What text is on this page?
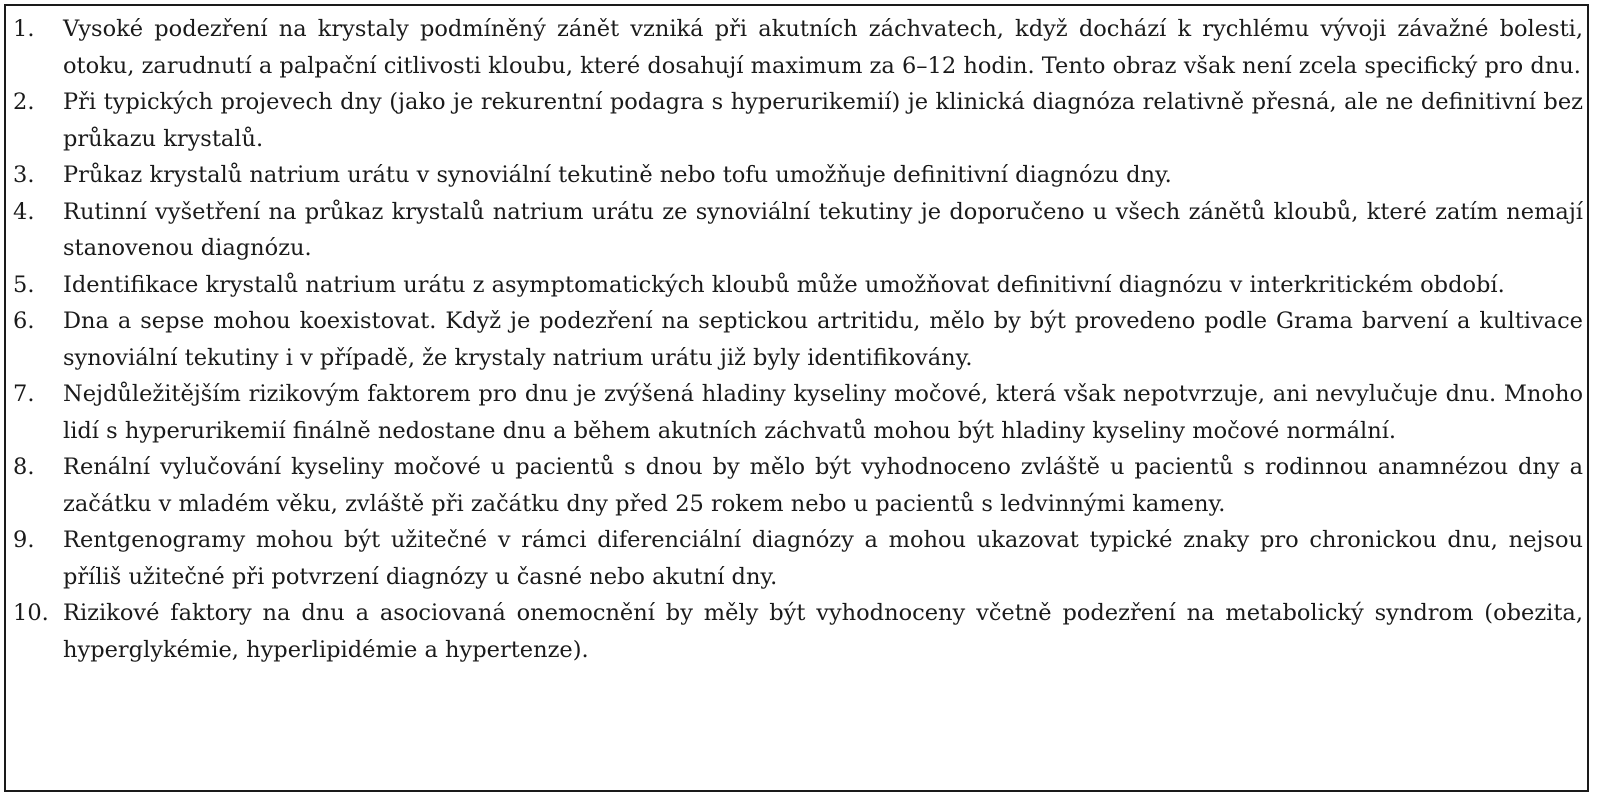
1.	Vysoké podezření na krystaly podmíněný zánět vzniká při akutních záchvatech, když dochází k rychlému vývoji závažné bolesti, otoku, zarudnutí a palpační citlivosti kloubu, které dosahují maximum za 6–12 hodin. Tento obraz však není zcela specifický pro dnu.
2.	Při typických projevech dny (jako je rekurentní podagra s hyperurikemií) je klinická diagnóza relativně přesná, ale ne definitivní bez průkazu krystalů.
3.	Průkaz krystalů natrium urátu v synoviální tekutině nebo tofu umožňuje definitivní diagnózu dny.
4.	Rutinní vyšetření na průkaz krystalů natrium urátu ze synoviální tekutiny je doporučeno u všech zánětů kloubů, které zatím nemají stanovenou diagnózu.
5.	Identifikace krystalů natrium urátu z asymptomatických kloubů může umožňovat definitivní diagnózu v interkritickém období.
6.	Dna a sepse mohou koexistovat. Když je podezření na septickou artritidu, mělo by být provedeno podle Grama barvení a kultivace synoviální tekutiny i v případě, že krystaly natrium urátu již byly identifikovány.
7.	Nejdůležitějším rizikovým faktorem pro dnu je zvýšená hladiny kyseliny močové, která však nepotvrzuje, ani nevylučuje dnu. Mnoho lidí s hyperurikemií finálně nedostane dnu a během akutních záchvatů mohou být hladiny kyseliny močové normální.
8.	Renální vylučování kyseliny močové u pacientů s dnou by mělo být vyhodnoceno zvláště u pacientů s rodinnou anamnézou dny a začátku v mladém věku, zvláště při začátku dny před 25 rokem nebo u pacientů s ledvinnými kameny.
9.	Rentgenogramy mohou být užitečné v rámci diferenciální diagnózy a mohou ukazovat typické znaky pro chronickou dnu, nejsou příliš užitečné při potvrzení diagnózy u časné nebo akutní dny.
10. Rizikové faktory na dnu a asociovaná onemocnění by měly být vyhodnoceny včetně podezření na metabolický syndrom (obezita, hyperglykémie, hyperlipidémie a hypertenze).
